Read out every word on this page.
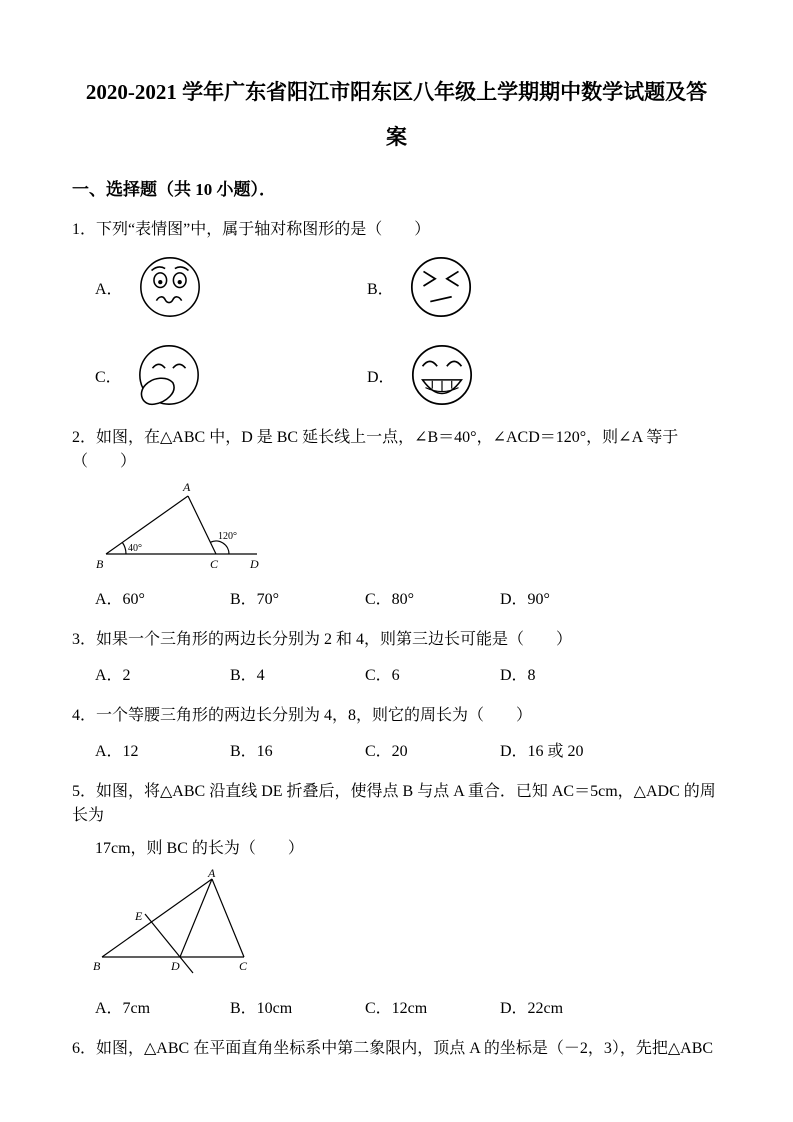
2020-2021 学年广东省阳江市阳东区八年级上学期期中数学试题及答
案
一、选择题（共 10 小题）．

1．下列“表情图”中，属于轴对称图形的是（　　）

A．	B．
C．	D．

2．如图，在△ABC 中，D 是 BC 延长线上一点，∠B＝40°，∠ACD＝120°，则∠A 等于（　　）

A
B	C	D
40°
120°
A．60°	B．70°	C．80°	D．90°

3．如果一个三角形的两边长分别为 2 和 4，则第三边长可能是（　　）

A．2	B．4	C．6	D．8

4．一个等腰三角形的两边长分别为 4，8，则它的周长为（　　）

A．12	B．16	C．20	D．16 或 20

5．如图，将△ABC 沿直线 DE 折叠后，使得点 B 与点 A 重合．已知 AC＝5cm，△ADC 的周长为

17cm，则 BC 的长为（　　）
A
B	C
D
E
A．7cm	B．10cm	C．12cm	D．22cm

6．如图，△ABC 在平面直角坐标系中第二象限内，顶点 A 的坐标是（－2，3），先把△ABC
